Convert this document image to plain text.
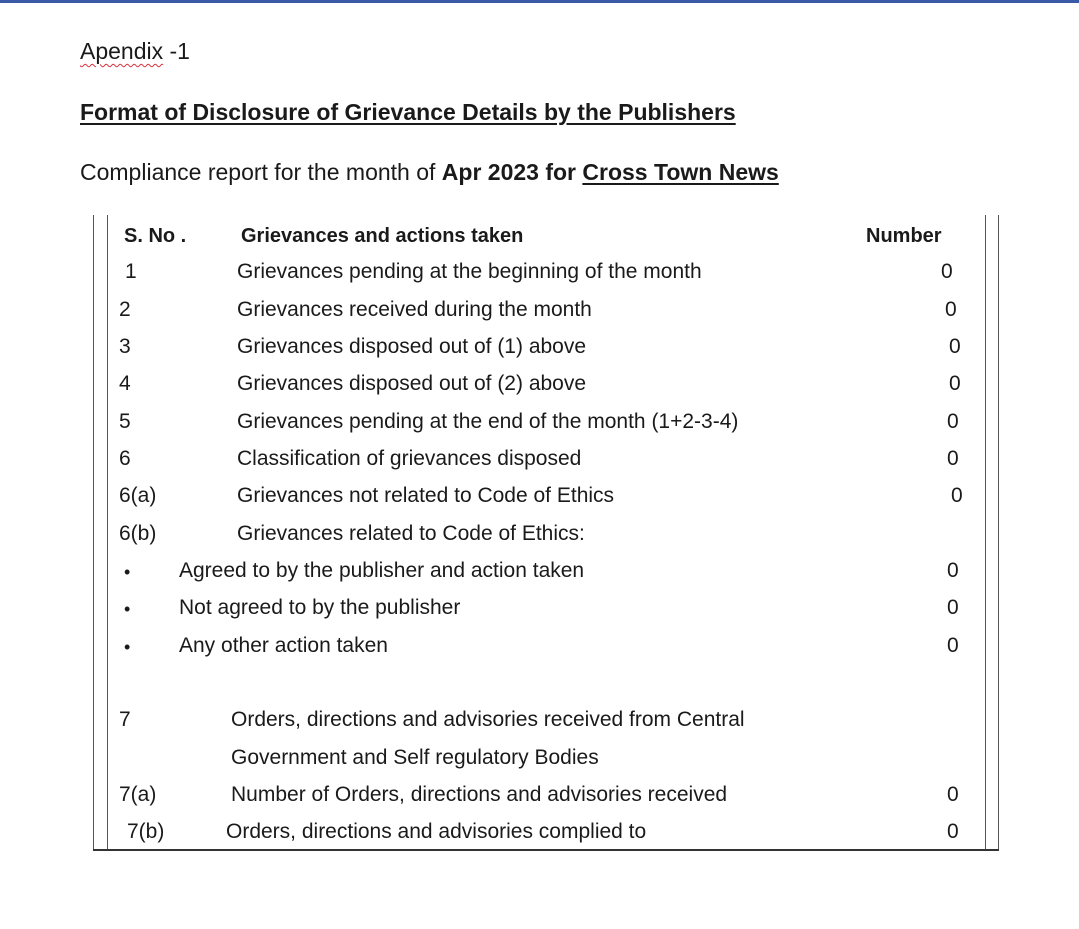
Apendix -1
Format of Disclosure of Grievance Details by the Publishers
Compliance report for the month of Apr 2023 for Cross Town News
S. No .	Grievances and actions taken	Number
1	Grievances pending at the beginning of the month	0
2	Grievances received during the month	0
3	Grievances disposed out of (1) above	0
4	Grievances disposed out of (2) above	0
5	Grievances pending at the end of the month (1+2-3-4)	0
6	Classification of grievances disposed	0
6(a)	Grievances not related to Code of Ethics	0
6(b)	Grievances related to Code of Ethics:
• Agreed to by the publisher and action taken	0
• Not agreed to by the publisher	0
• Any other action taken	0
7	Orders, directions and advisories received from Central
Government and Self regulatory Bodies
7(a)	Number of Orders, directions and advisories received	0
7(b)	Orders, directions and advisories complied to	0
